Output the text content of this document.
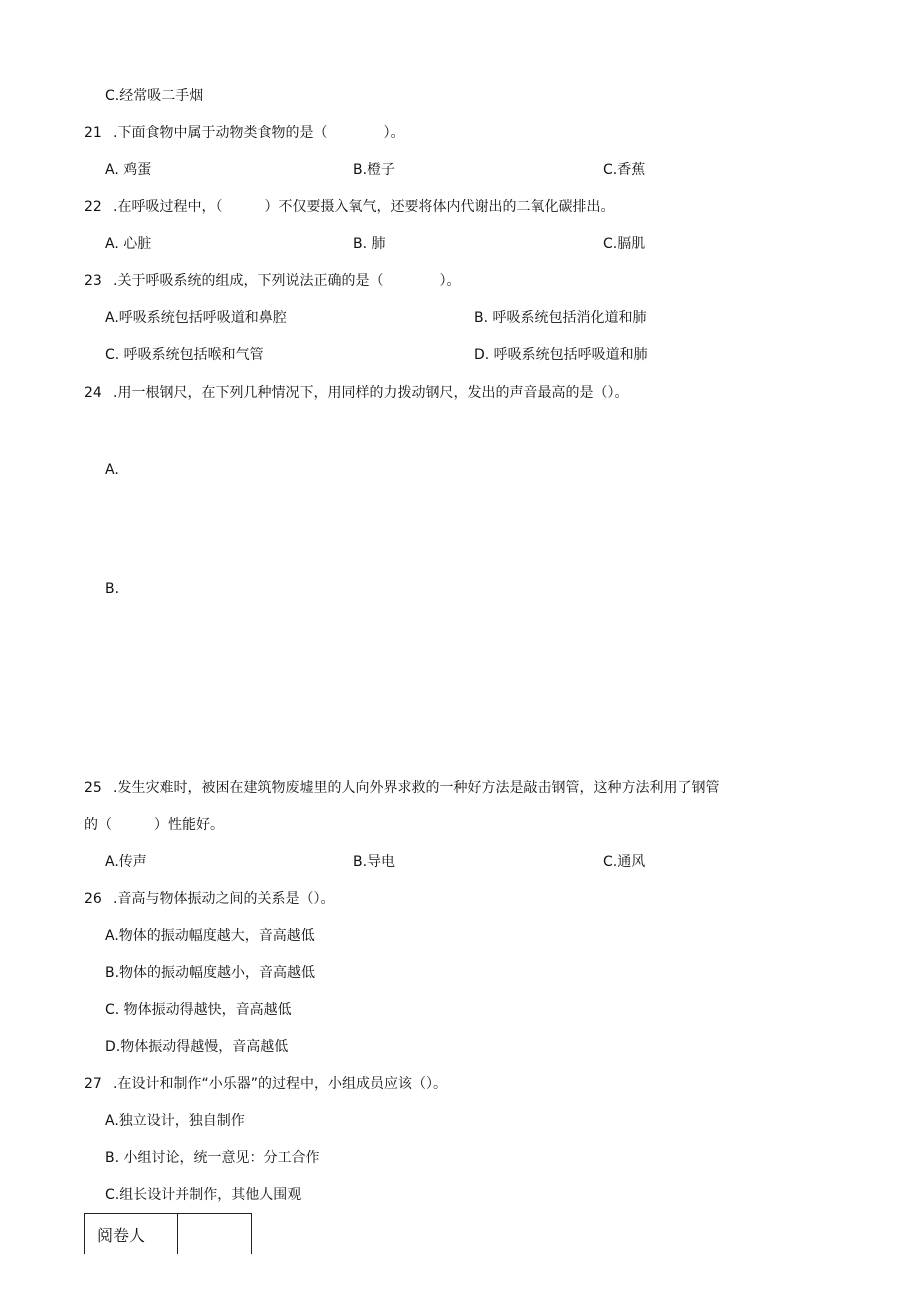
C.经常吸二手烟
21 .下面食物中属于动物类食物的是（　　　　）。
A. 鸡蛋	B.橙子	C.香蕉
22 .在呼吸过程中，（　　　）不仅要摄入氧气，还要将体内代谢出的二氧化碳排出。
A. 心脏	B. 肺	C.膈肌
23 .关于呼吸系统的组成，下列说法正确的是（　　　　）。
A.呼吸系统包括呼吸道和鼻腔	B. 呼吸系统包括消化道和肺
C. 呼吸系统包括喉和气管	D. 呼吸系统包括呼吸道和肺
24 .用一根钢尺，在下列几种情况下，用同样的力拨动钢尺，发出的声音最高的是（）。
A.
B.
25 .发生灾难时，被困在建筑物废墟里的人向外界求救的一种好方法是敲击钢管，这种方法利用了钢管
的（　　　）性能好。
A.传声	B.导电	C.通风
26 .音高与物体振动之间的关系是（）。
A.物体的振动幅度越大，音高越低
B.物体的振动幅度越小，音高越低
C. 物体振动得越快，音高越低
D.物体振动得越慢，音高越低
27 .在设计和制作“小乐器”的过程中，小组成员应该（）。
A.独立设计，独自制作
B. 小组讨论，统一意见：分工合作
C.组长设计并制作，其他人围观
阅卷人
